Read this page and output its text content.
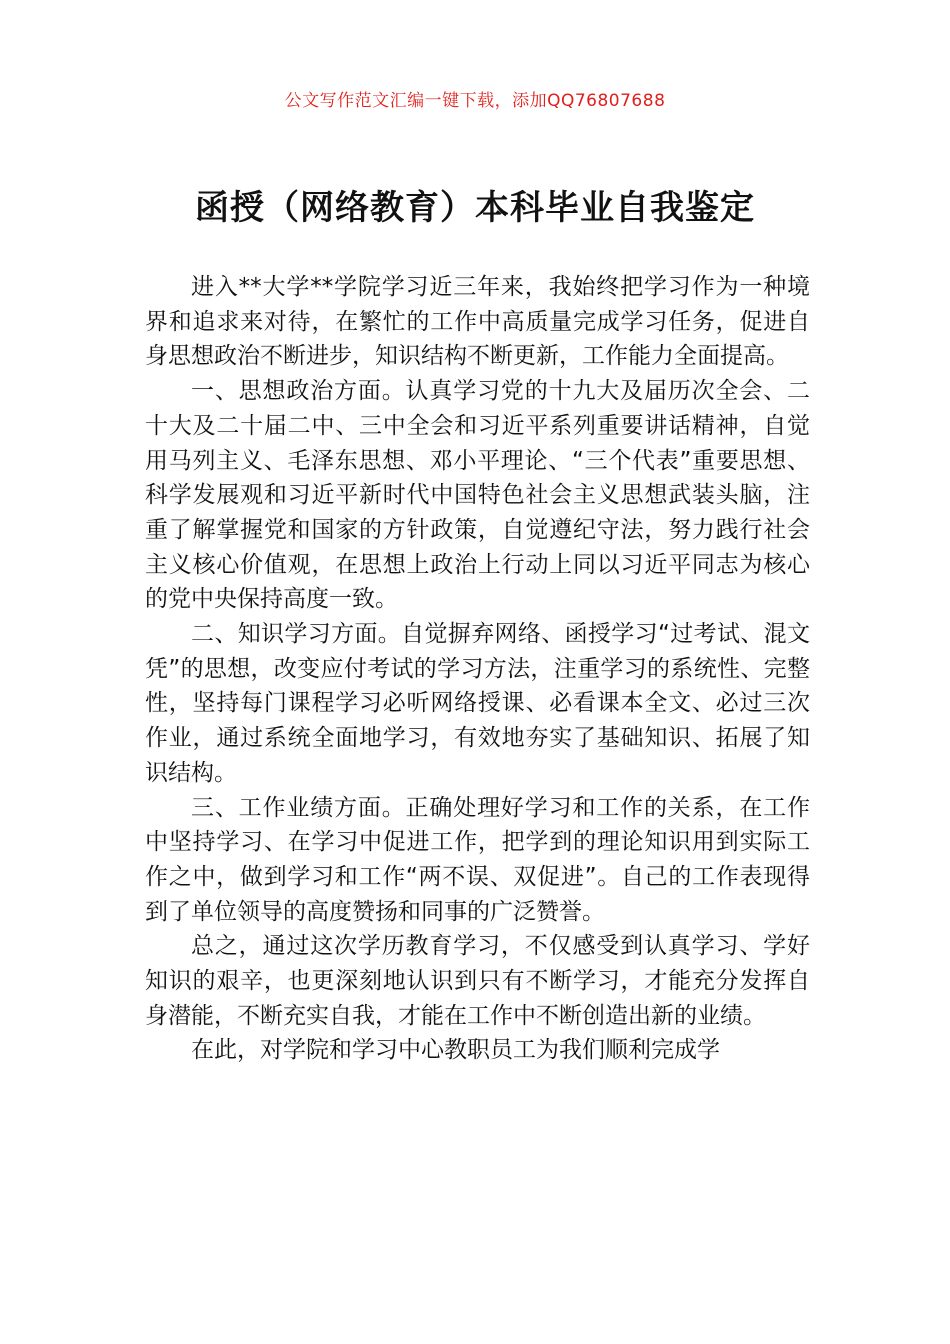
公文写作范文汇编一键下载，添加QQ76807688
函授（网络教育）本科毕业自我鉴定

进入**大学**学院学习近三年来，我始终把学习作为一种境界和追求来对待，在繁忙的工作中高质量完成学习任务，促进自身思想政治不断进步，知识结构不断更新，工作能力全面提高。

一、思想政治方面。认真学习党的十九大及届历次全会、二十大及二十届二中、三中全会和习近平系列重要讲话精神，自觉用马列主义、毛泽东思想、邓小平理论、“三个代表”重要思想、科学发展观和习近平新时代中国特色社会主义思想武装头脑，注重了解掌握党和国家的方针政策，自觉遵纪守法，努力践行社会主义核心价值观，在思想上政治上行动上同以习近平同志为核心的党中央保持高度一致。

二、知识学习方面。自觉摒弃网络、函授学习“过考试、混文凭”的思想，改变应付考试的学习方法，注重学习的系统性、完整性，坚持每门课程学习必听网络授课、必看课本全文、必过三次作业，通过系统全面地学习，有效地夯实了基础知识、拓展了知识结构。

三、工作业绩方面。正确处理好学习和工作的关系，在工作中坚持学习、在学习中促进工作，把学到的理论知识用到实际工作之中，做到学习和工作“两不误、双促进”。自己的工作表现得到了单位领导的高度赞扬和同事的广泛赞誉。

总之，通过这次学历教育学习，不仅感受到认真学习、学好知识的艰辛，也更深刻地认识到只有不断学习，才能充分发挥自身潜能，不断充实自我，才能在工作中不断创造出新的业绩。

在此，对学院和学习中心教职员工为我们顺利完成学
